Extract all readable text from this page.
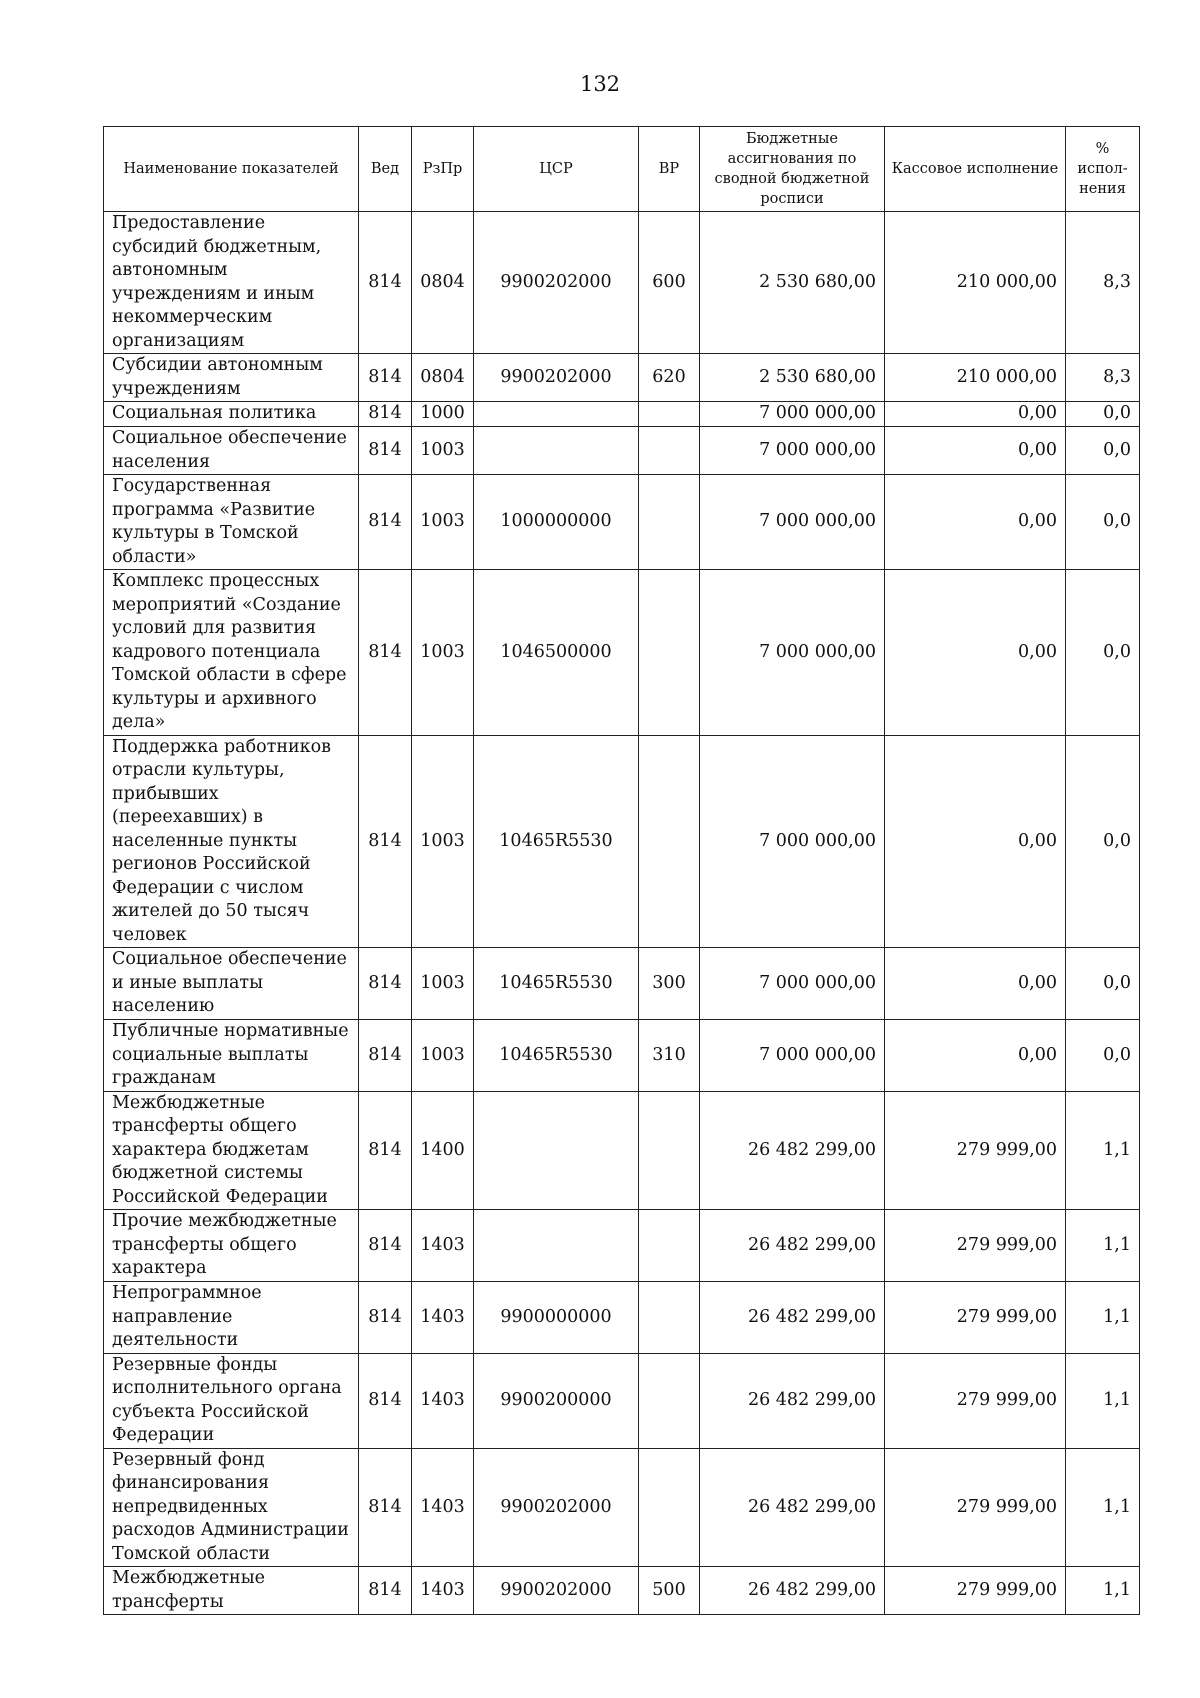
132
Наименование показателей	Вед	РзПр	ЦСР	ВР	Бюджетные ассигнования по сводной бюджетной росписи	Кассовое исполнение	% испол-нения
Предоставление субсидий бюджетным, автономным учреждениям и иным некоммерческим организациям	814	0804	9900202000	600	2 530 680,00	210 000,00	8,3
Субсидии автономным учреждениям	814	0804	9900202000	620	2 530 680,00	210 000,00	8,3
Социальная политика	814	1000			7 000 000,00	0,00	0,0
Социальное обеспечение населения	814	1003			7 000 000,00	0,00	0,0
Государственная программа «Развитие культуры в Томской области»	814	1003	1000000000		7 000 000,00	0,00	0,0
Комплекс процессных мероприятий «Создание условий для развития кадрового потенциала Томской области в сфере культуры и архивного дела»	814	1003	1046500000		7 000 000,00	0,00	0,0
Поддержка работников отрасли культуры, прибывших (переехавших) в населенные пункты регионов Российской Федерации с числом жителей до 50 тысяч человек	814	1003	10465R5530		7 000 000,00	0,00	0,0
Социальное обеспечение и иные выплаты населению	814	1003	10465R5530	300	7 000 000,00	0,00	0,0
Публичные нормативные социальные выплаты гражданам	814	1003	10465R5530	310	7 000 000,00	0,00	0,0
Межбюджетные трансферты общего характера бюджетам бюджетной системы Российской Федерации	814	1400			26 482 299,00	279 999,00	1,1
Прочие межбюджетные трансферты общего характера	814	1403			26 482 299,00	279 999,00	1,1
Непрограммное направление деятельности	814	1403	9900000000		26 482 299,00	279 999,00	1,1
Резервные фонды исполнительного органа субъекта Российской Федерации	814	1403	9900200000		26 482 299,00	279 999,00	1,1
Резервный фонд финансирования непредвиденных расходов Администрации Томской области	814	1403	9900202000		26 482 299,00	279 999,00	1,1
Межбюджетные трансферты	814	1403	9900202000	500	26 482 299,00	279 999,00	1,1
